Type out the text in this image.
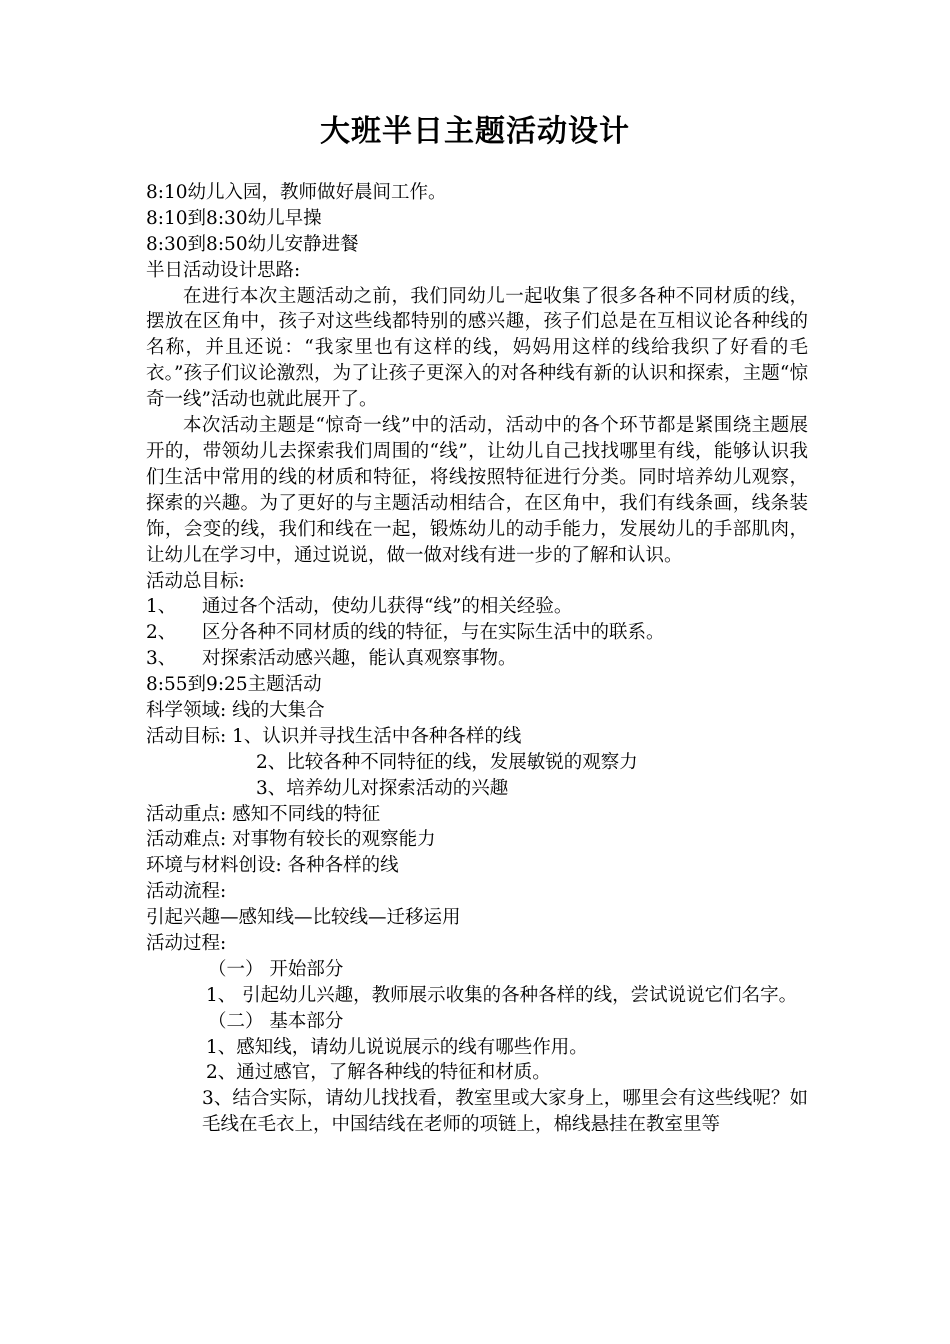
大班半日主题活动设计
8:10幼儿入园，教师做好晨间工作。
8:10到8:30幼儿早操
8:30到8:50幼儿安静进餐
半日活动设计思路:
在进行本次主题活动之前，我们同幼儿一起收集了很多各种不同材质的线，摆放在区角中，孩子对这些线都特别的感兴趣，孩子们总是在互相议论各种线的名称，并且还说：“我家里也有这样的线，妈妈用这样的线给我织了好看的毛衣。”孩子们议论激烈，为了让孩子更深入的对各种线有新的认识和探索，主题“惊奇一线”活动也就此展开了。
本次活动主题是“惊奇一线”中的活动，活动中的各个环节都是紧围绕主题展开的，带领幼儿去探索我们周围的“线”，让幼儿自己找找哪里有线，能够认识我们生活中常用的线的材质和特征，将线按照特征进行分类。同时培养幼儿观察，探索的兴趣。为了更好的与主题活动相结合，在区角中，我们有线条画，线条装饰，会变的线，我们和线在一起，锻炼幼儿的动手能力，发展幼儿的手部肌肉，让幼儿在学习中，通过说说，做一做对线有进一步的了解和认识。
活动总目标:
1、 通过各个活动，使幼儿获得“线”的相关经验。
2、 区分各种不同材质的线的特征，与在实际生活中的联系。
3、 对探索活动感兴趣，能认真观察事物。
8:55到9:25主题活动
科学领域: 线的大集合
活动目标: 1、认识并寻找生活中各种各样的线
2、比较各种不同特征的线，发展敏锐的观察力
3、培养幼儿对探索活动的兴趣
活动重点: 感知不同线的特征
活动难点: 对事物有较长的观察能力
环境与材料创设: 各种各样的线
活动流程:
引起兴趣—感知线—比较线—迁移运用
活动过程:
（一） 开始部分
1、 引起幼儿兴趣，教师展示收集的各种各样的线，尝试说说它们名字。
（二） 基本部分
1、感知线，请幼儿说说展示的线有哪些作用。
2、通过感官，了解各种线的特征和材质。
3、结合实际，请幼儿找找看，教室里或大家身上，哪里会有这些线呢？如毛线在毛衣上，中国结线在老师的项链上，棉线悬挂在教室里等
